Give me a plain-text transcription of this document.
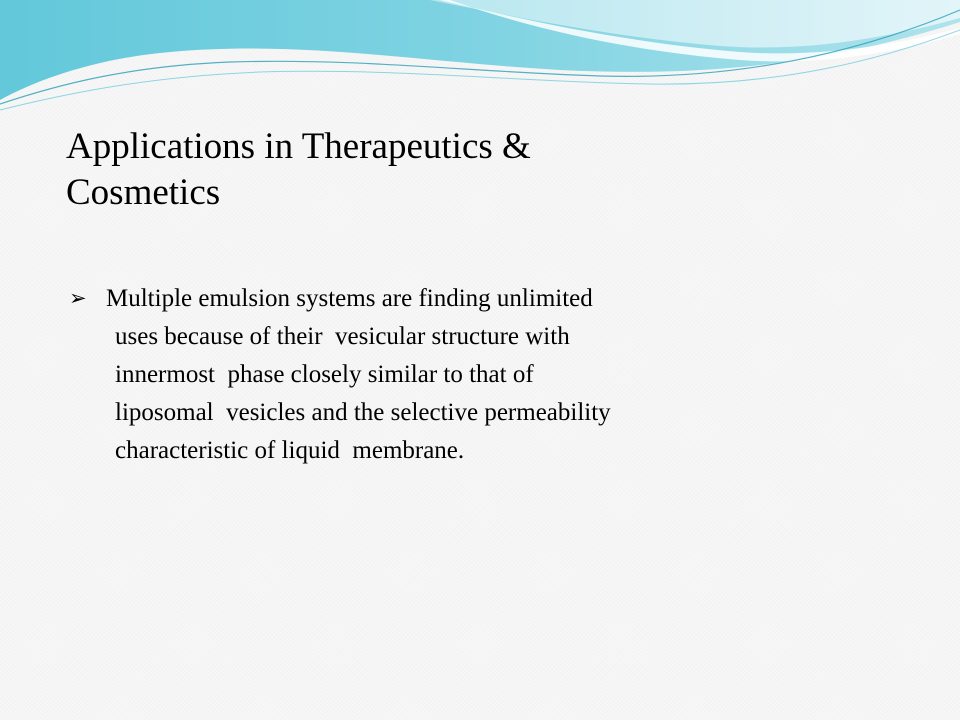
Applications in Therapeutics &
Cosmetics
➢ Multiple emulsion systems are finding unlimited
uses because of their  vesicular structure with
innermost  phase closely similar to that of
liposomal  vesicles and the selective permeability
characteristic of liquid  membrane.
